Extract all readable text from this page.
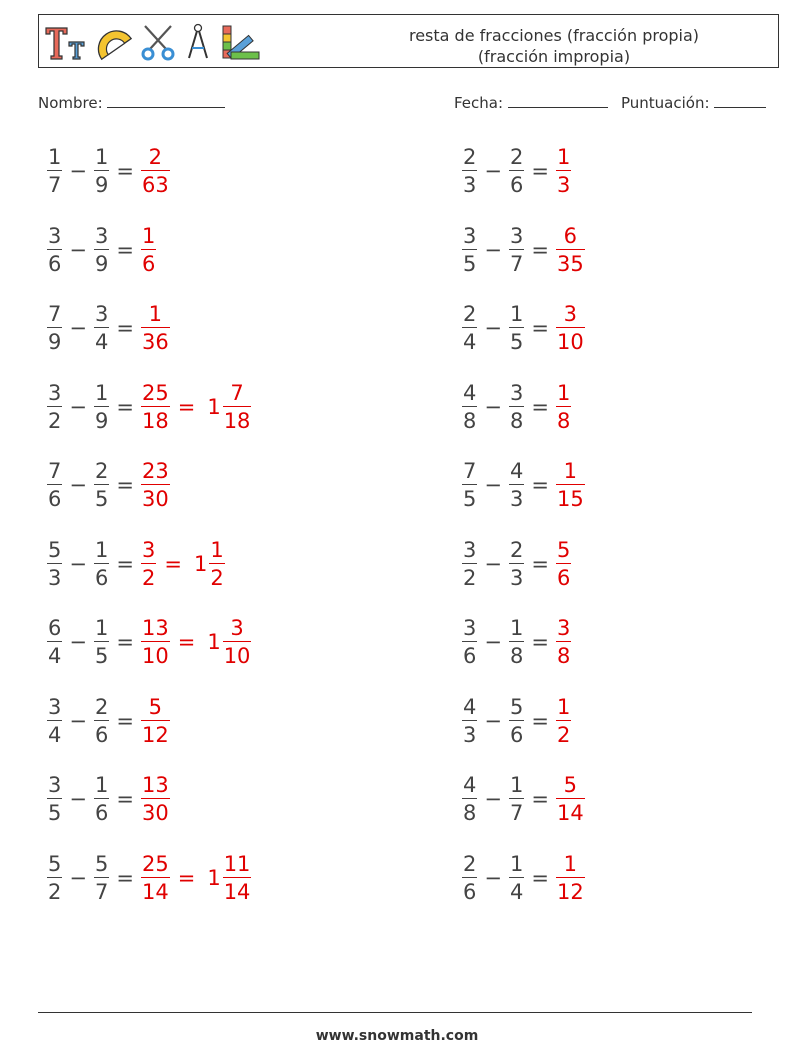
resta de fracciones (fracción propia)
(fracción impropia)
Nombre:	Fecha:	Puntuación:
$\frac{1}{7} - \frac{1}{9} = \frac{2}{63}$	$\frac{2}{3} - \frac{2}{6} = \frac{1}{3}$
$\frac{3}{6} - \frac{3}{9} = \frac{1}{6}$	$\frac{3}{5} - \frac{3}{7} = \frac{6}{35}$
$\frac{7}{9} - \frac{3}{4} = \frac{1}{36}$	$\frac{2}{4} - \frac{1}{5} = \frac{3}{10}$
$\frac{3}{2} - \frac{1}{9} = \frac{25}{18} = 1 \frac{7}{18}$	$\frac{4}{8} - \frac{3}{8} = \frac{1}{8}$
$\frac{7}{6} - \frac{2}{5} = \frac{23}{30}$	$\frac{7}{5} - \frac{4}{3} = \frac{1}{15}$
$\frac{5}{3} - \frac{1}{6} = \frac{3}{2} = 1 \frac{1}{2}$	$\frac{3}{2} - \frac{2}{3} = \frac{5}{6}$
$\frac{6}{4} - \frac{1}{5} = \frac{13}{10} = 1 \frac{3}{10}$	$\frac{3}{6} - \frac{1}{8} = \frac{3}{8}$
$\frac{3}{4} - \frac{2}{6} = \frac{5}{12}$	$\frac{4}{3} - \frac{5}{6} = \frac{1}{2}$
$\frac{3}{5} - \frac{1}{6} = \frac{13}{30}$	$\frac{4}{8} - \frac{1}{7} = \frac{5}{14}$
$\frac{5}{2} - \frac{5}{7} = \frac{25}{14} = 1 \frac{11}{14}$	$\frac{2}{6} - \frac{1}{4} = \frac{1}{12}$
www.snowmath.com
